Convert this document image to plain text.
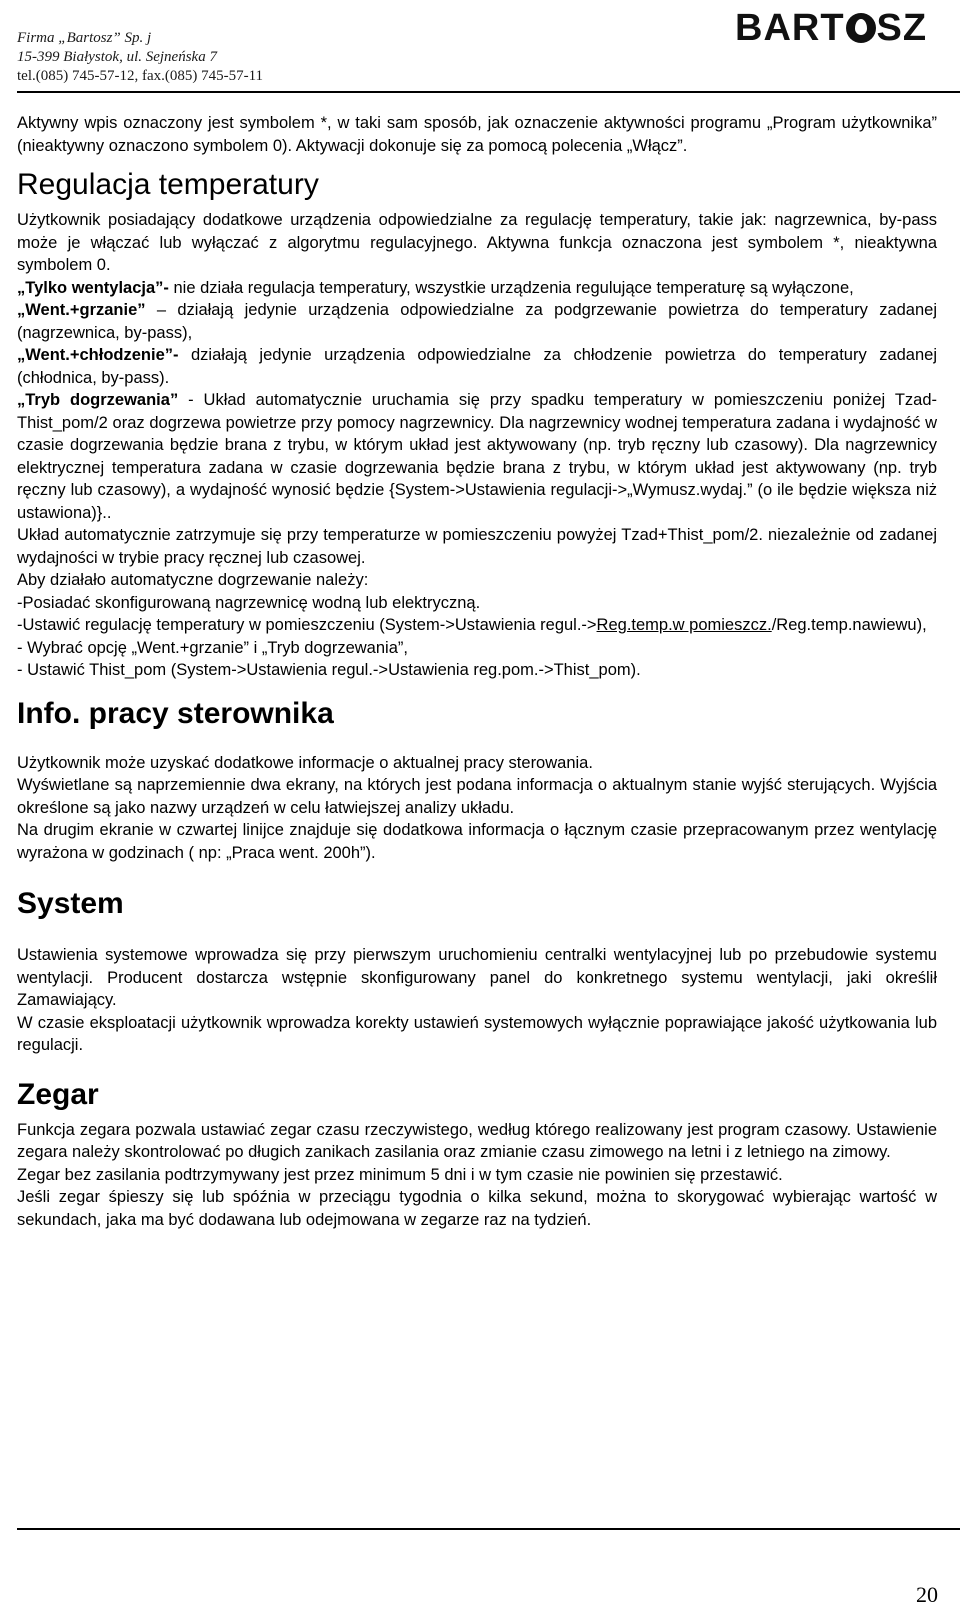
Firma „Bartosz” Sp. j
15-399 Białystok, ul. Sejneńska 7
tel.(085) 745-57-12, fax.(085) 745-57-11
BART SZ

Aktywny wpis oznaczony jest symbolem *, w taki sam sposób, jak oznaczenie aktywności programu „Program użytkownika” (nieaktywny oznaczono symbolem 0). Aktywacji dokonuje się za pomocą polecenia „Włącz”.

Regulacja temperatury

Użytkownik posiadający dodatkowe urządzenia odpowiedzialne za regulację temperatury, takie jak: nagrzewnica, by-pass może je włączać lub wyłączać z algorytmu regulacyjnego. Aktywna funkcja oznaczona jest symbolem *, nieaktywna symbolem 0.

„Tylko wentylacja”- nie działa regulacja temperatury, wszystkie urządzenia regulujące temperaturę są wyłączone,

„Went.+grzanie” – działają jedynie urządzenia odpowiedzialne za podgrzewanie powietrza do temperatury zadanej (nagrzewnica, by-pass),

„Went.+chłodzenie”- działają jedynie urządzenia odpowiedzialne za chłodzenie powietrza do temperatury zadanej (chłodnica, by-pass).

„Tryb dogrzewania” - Układ automatycznie uruchamia się przy spadku temperatury w pomieszczeniu poniżej Tzad-Thist_pom/2 oraz dogrzewa powietrze przy pomocy nagrzewnicy. Dla nagrzewnicy wodnej temperatura zadana i wydajność w czasie dogrzewania będzie brana z trybu, w którym układ jest aktywowany (np. tryb ręczny lub czasowy). Dla nagrzewnicy elektrycznej temperatura zadana w czasie dogrzewania będzie brana z trybu, w którym układ jest aktywowany (np. tryb ręczny lub czasowy), a wydajność wynosić będzie {System->Ustawienia regulacji->„Wymusz.wydaj.” (o ile będzie większa niż ustawiona)}..

Układ automatycznie zatrzymuje się przy temperaturze w pomieszczeniu powyżej Tzad+Thist_pom/2. niezależnie od zadanej wydajności w trybie pracy ręcznej lub czasowej.

Aby działało automatyczne dogrzewanie należy:

-Posiadać skonfigurowaną nagrzewnicę wodną lub elektryczną.

-Ustawić regulację temperatury w pomieszczeniu (System->Ustawienia regul.->Reg.temp.w pomieszcz./Reg.temp.nawiewu),

- Wybrać opcję „Went.+grzanie” i „Tryb dogrzewania”,

- Ustawić Thist_pom (System->Ustawienia regul.->Ustawienia reg.pom.->Thist_pom).

Info. pracy sterownika

Użytkownik może uzyskać dodatkowe informacje o aktualnej pracy sterowania.

Wyświetlane są naprzemiennie dwa ekrany, na których jest podana informacja o aktualnym stanie wyjść sterujących. Wyjścia określone są jako nazwy urządzeń w celu łatwiejszej analizy układu.

Na drugim ekranie w czwartej linijce znajduje się dodatkowa informacja o łącznym czasie przepracowanym przez wentylację wyrażona w godzinach ( np: „Praca went. 200h”).

System

Ustawienia systemowe wprowadza się przy pierwszym uruchomieniu centralki wentylacyjnej lub po przebudowie systemu wentylacji. Producent dostarcza wstępnie skonfigurowany panel do konkretnego systemu wentylacji, jaki określił Zamawiający.

W czasie eksploatacji użytkownik wprowadza korekty ustawień systemowych wyłącznie poprawiające jakość użytkowania lub regulacji.

Zegar

Funkcja zegara pozwala ustawiać zegar czasu rzeczywistego, według którego realizowany jest program czasowy. Ustawienie zegara należy skontrolować po długich zanikach zasilania oraz zmianie czasu zimowego na letni i z letniego na zimowy.

Zegar bez zasilania podtrzymywany jest przez minimum 5 dni i w tym czasie nie powinien się przestawić.

Jeśli zegar śpieszy się lub spóźnia w przeciągu tygodnia o kilka sekund, można to skorygować wybierając wartość w sekundach, jaka ma być dodawana lub odejmowana w zegarze raz na tydzień.

20
